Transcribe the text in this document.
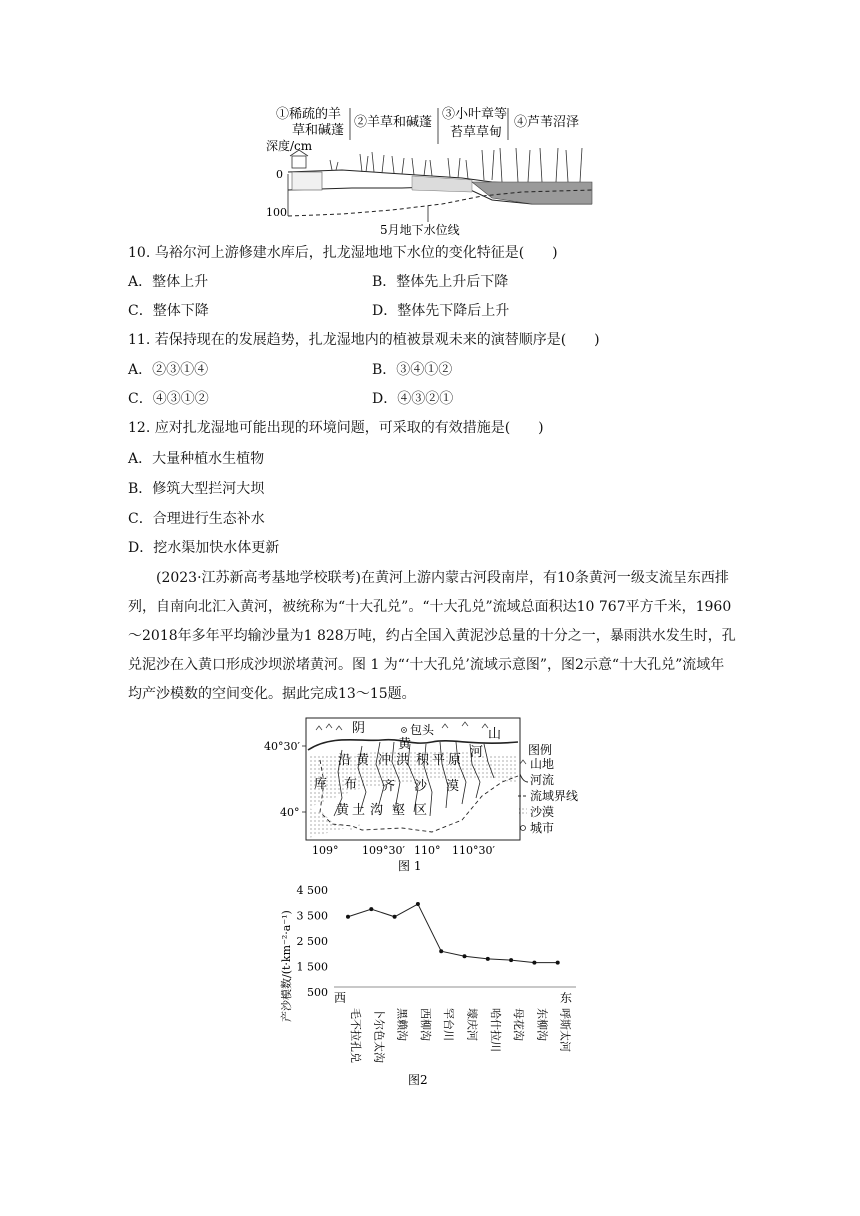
①稀疏的羊
草和碱蓬
②羊草和碱蓬
③小叶章等
苔草草甸
④芦苇沼泽
深度/cm
0
100
5月地下水位线
10. 乌裕尔河上游修建水库后，扎龙湿地地下水位的变化特征是(　　)
A．整体上升	B．整体先上升后下降
C．整体下降	D．整体先下降后上升
11. 若保持现在的发展趋势，扎龙湿地内的植被景观未来的演替顺序是(　　)
A．②③①④	B．③④①②
C．④③①②	D．④③②①
12. 应对扎龙湿地可能出现的环境问题，可采取的有效措施是(　　)
A．大量种植水生植物
B．修筑大型拦河大坝
C．合理进行生态补水
D．挖水渠加快水体更新
(2023·江苏新高考基地学校联考)在黄河上游内蒙古河段南岸，有10条黄河一级支流呈东西排列，自南向北汇入黄河，被统称为“十大孔兑”。“十大孔兑”流域总面积达10 767平方千米，1960～2018年多年平均输沙量为1 828万吨，约占全国入黄泥沙总量的十分之一，暴雨洪水发生时，孔兑泥沙在入黄口形成沙坝淤堵黄河。图 1 为“‘十大孔兑’流域示意图”，图2示意“十大孔兑”流域年均产沙模数的空间变化。据此完成13～15题。
阴	山
包头
黄
河
沿 黄 冲 洪 积 平 原
库 布 齐 沙 漠
黄 土 沟 壑 区
40°30′
40°
109° 109°30′ 110° 110°30′
图 1
图例
山地
河流
流域界线
沙漠
城市
产沙模数/(t·km⁻²·a⁻¹)
4 500
3 500
2 500
1 500
500 西	东
毛不拉孔兑 卜尔色太沟 黑赖沟 西柳沟 罕台川 壕庆河 哈什拉川 母花沟 东柳沟 呼斯太河
图2
